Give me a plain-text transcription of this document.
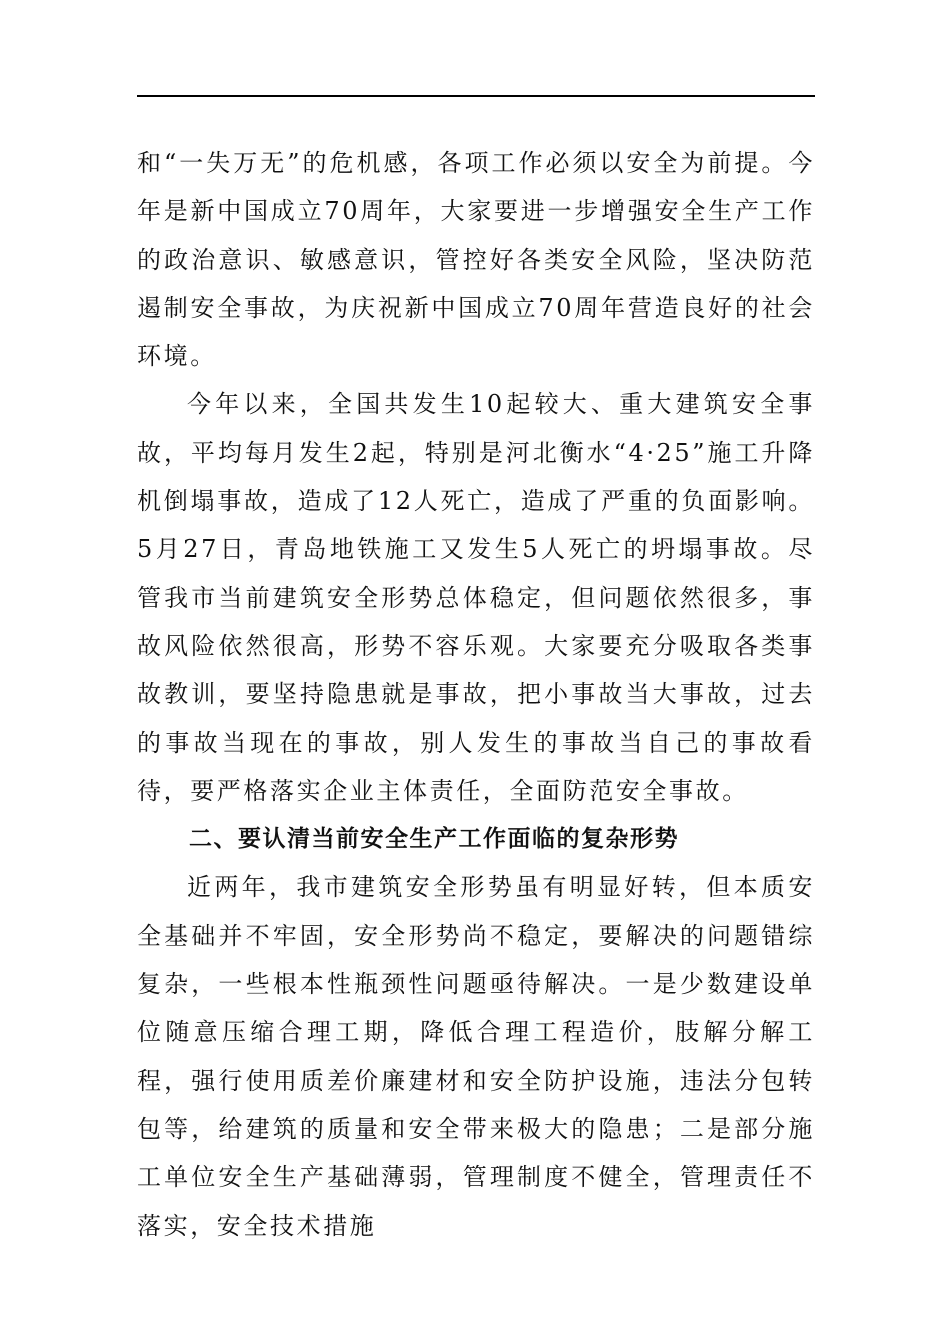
和“一失万无”的危机感，各项工作必须以安全为前提。今年是新中国成立70周年，大家要进一步增强安全生产工作的政治意识、敏感意识，管控好各类安全风险，坚决防范遏制安全事故，为庆祝新中国成立70周年营造良好的社会环境。

今年以来，全国共发生10起较大、重大建筑安全事故，平均每月发生2起，特别是河北衡水“4·25”施工升降机倒塌事故，造成了12人死亡，造成了严重的负面影响。5月27日，青岛地铁施工又发生5人死亡的坍塌事故。尽管我市当前建筑安全形势总体稳定，但问题依然很多，事故风险依然很高，形势不容乐观。大家要充分吸取各类事故教训，要坚持隐患就是事故，把小事故当大事故，过去的事故当现在的事故，别人发生的事故当自己的事故看待，要严格落实企业主体责任，全面防范安全事故。

二、要认清当前安全生产工作面临的复杂形势

近两年，我市建筑安全形势虽有明显好转，但本质安全基础并不牢固，安全形势尚不稳定，要解决的问题错综复杂，一些根本性瓶颈性问题亟待解决。一是少数建设单位随意压缩合理工期，降低合理工程造价，肢解分解工程，强行使用质差价廉建材和安全防护设施，违法分包转包等，给建筑的质量和安全带来极大的隐患；二是部分施工单位安全生产基础薄弱，管理制度不健全，管理责任不落实，安全技术措施
